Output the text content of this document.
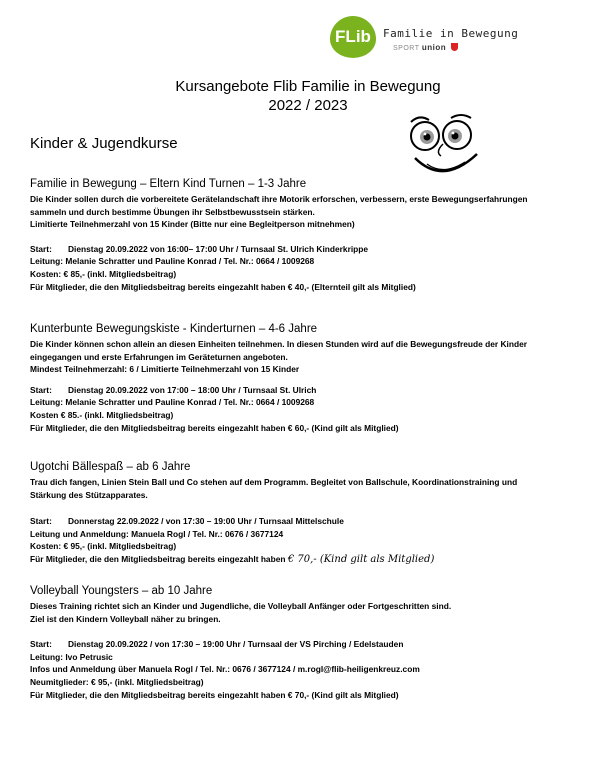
FLib	Familie in Bewegung
SPORT union
Kursangebote Flib Familie in Bewegung
2022 / 2023
Kinder & Jugendkurse
Familie in Bewegung – Eltern Kind Turnen – 1-3 Jahre
Die Kinder sollen durch die vorbereitete Gerätelandschaft ihre Motorik erforschen, verbessern, erste Bewegungserfahrungen
sammeln und durch bestimme Übungen ihr Selbstbewusstsein stärken.
Limitierte Teilnehmerzahl von 15 Kinder (Bitte nur eine Begleitperson mitnehmen)
Start: Dienstag 20.09.2022 von 16:00– 17:00 Uhr / Turnsaal St. Ulrich Kinderkrippe
Leitung: Melanie Schratter und Pauline Konrad / Tel. Nr.: 0664 / 1009268
Kosten: € 85,- (inkl. Mitgliedsbeitrag)
Für Mitglieder, die den Mitgliedsbeitrag bereits eingezahlt haben € 40,- (Elternteil gilt als Mitglied)
Kunterbunte Bewegungskiste - Kinderturnen – 4-6 Jahre
Die Kinder können schon allein an diesen Einheiten teilnehmen. In diesen Stunden wird auf die Bewegungsfreude der Kinder
eingegangen und erste Erfahrungen im Geräteturnen angeboten.
Mindest Teilnehmerzahl: 6 / Limitierte Teilnehmerzahl von 15 Kinder
Start: Dienstag 20.09.2022 von 17:00 – 18:00 Uhr / Turnsaal St. Ulrich
Leitung: Melanie Schratter und Pauline Konrad / Tel. Nr.: 0664 / 1009268
Kosten € 85.- (inkl. Mitgliedsbeitrag)
Für Mitglieder, die den Mitgliedsbeitrag bereits eingezahlt haben € 60,- (Kind gilt als Mitglied)
Ugotchi Bällespaß – ab 6 Jahre
Trau dich fangen, Linien Stein Ball und Co stehen auf dem Programm. Begleitet von Ballschule, Koordinationstraining und
Stärkung des Stützapparates.
Start: Donnerstag 22.09.2022 / von 17:30 – 19:00 Uhr / Turnsaal Mittelschule
Leitung und Anmeldung: Manuela Rogl / Tel. Nr.: 0676 / 3677124
Kosten: € 95,- (inkl. Mitgliedsbeitrag)
Für Mitglieder, die den Mitgliedsbeitrag bereits eingezahlt haben € 70,- (Kind gilt als Mitglied)
Volleyball Youngsters – ab 10 Jahre
Dieses Training richtet sich an Kinder und Jugendliche, die Volleyball Anfänger oder Fortgeschritten sind.
Ziel ist den Kindern Volleyball näher zu bringen.
Start: Dienstag 20.09.2022 / von 17:30 – 19:00 Uhr / Turnsaal der VS Pirching / Edelstauden
Leitung: Ivo Petrusic
Infos und Anmeldung über Manuela Rogl / Tel. Nr.: 0676 / 3677124 / m.rogl@flib-heiligenkreuz.com
Neumitglieder: € 95,- (inkl. Mitgliedsbeitrag)
Für Mitglieder, die den Mitgliedsbeitrag bereits eingezahlt haben € 70,- (Kind gilt als Mitglied)
